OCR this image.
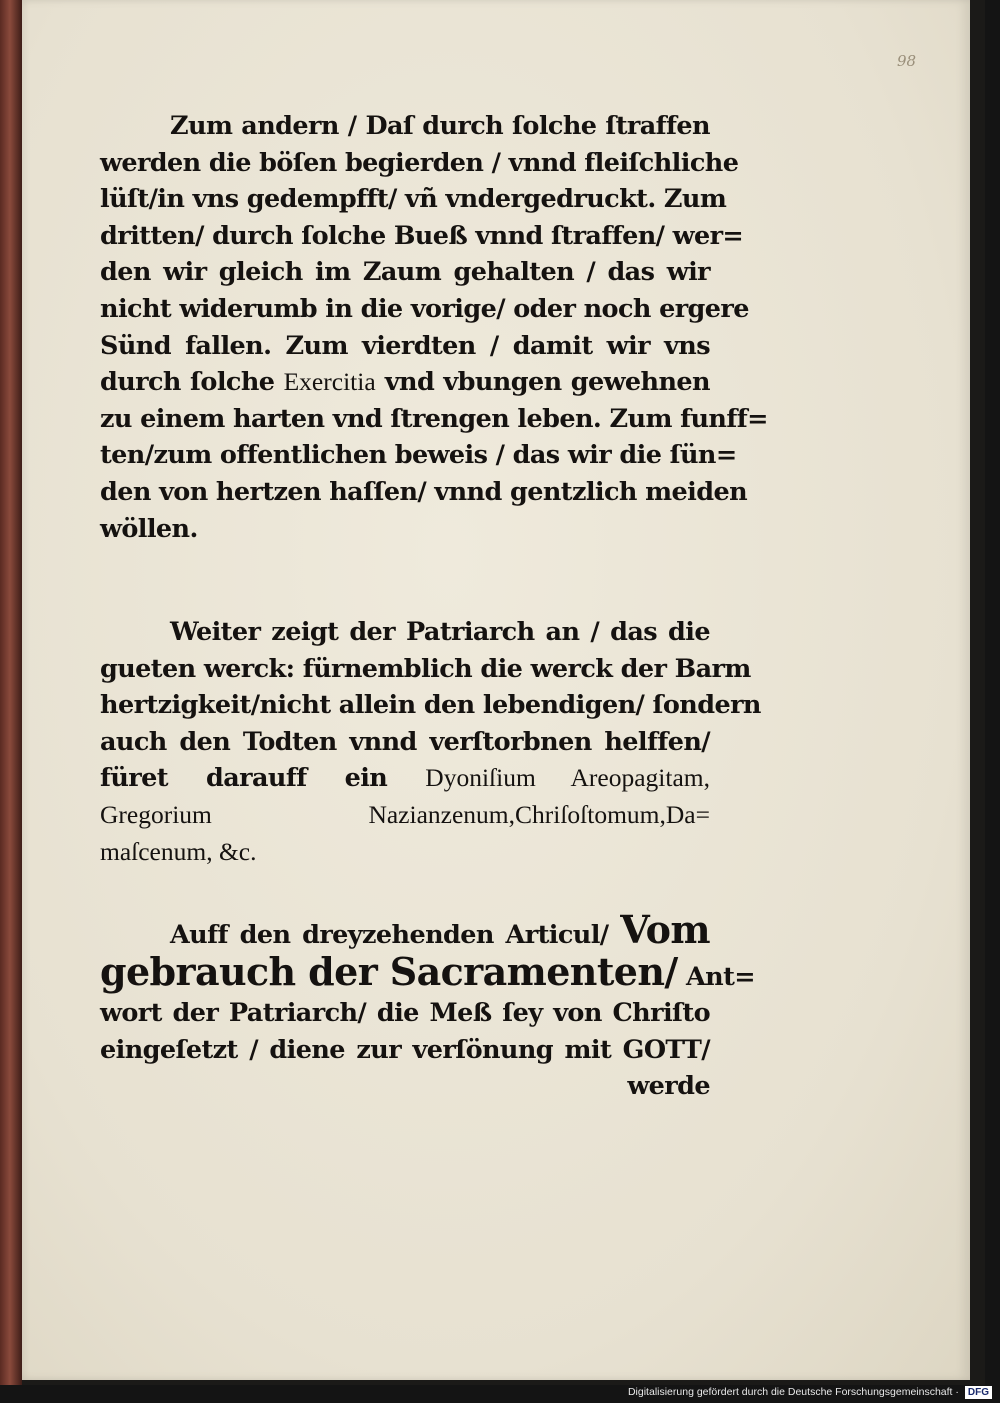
98
Zum andern / Daſ durch ſolche ſtraffen
werden die böſen begierden / vnnd fleiſchliche
lüſt/in vns gedempfft/ vñ vndergedruckt. Zum
dritten/ durch ſolche Bueß vnnd ſtraffen/ wer=
den wir gleich im Zaum gehalten / das wir
nicht widerumb in die vorige/ oder noch ergere
Sünd fallen. Zum vierdten / damit wir vns
durch ſolche Exercitia vnd vbungen gewehnen
zu einem harten vnd ſtrengen leben. Zum funff=
ten/zum offentlichen beweis / das wir die ſün=
den von hertzen haſſen/ vnnd gentzlich meiden
wöllen.
Weiter zeigt der Patriarch an / das die
gueten werck: fürnemblich die werck der Barm
hertzigkeit/nicht allein den lebendigen/ ſondern
auch den Todten vnnd verſtorbnen helffen/
füret darauff ein Dyoniſium Areopagitam,
Gregorium Nazianzenum,Chriſoſtomum,Da=
maſcenum, &c.
Auff den dreyzehenden Articul/ Vom
gebrauch der Sacramenten/ Ant=
wort der Patriarch/ die Meß ſey von Chriſto
eingeſetzt / diene zur verſönung mit GOTT/
werde
Digitalisierung gefördert durch die Deutsche Forschungsgemeinschaft · DFG
